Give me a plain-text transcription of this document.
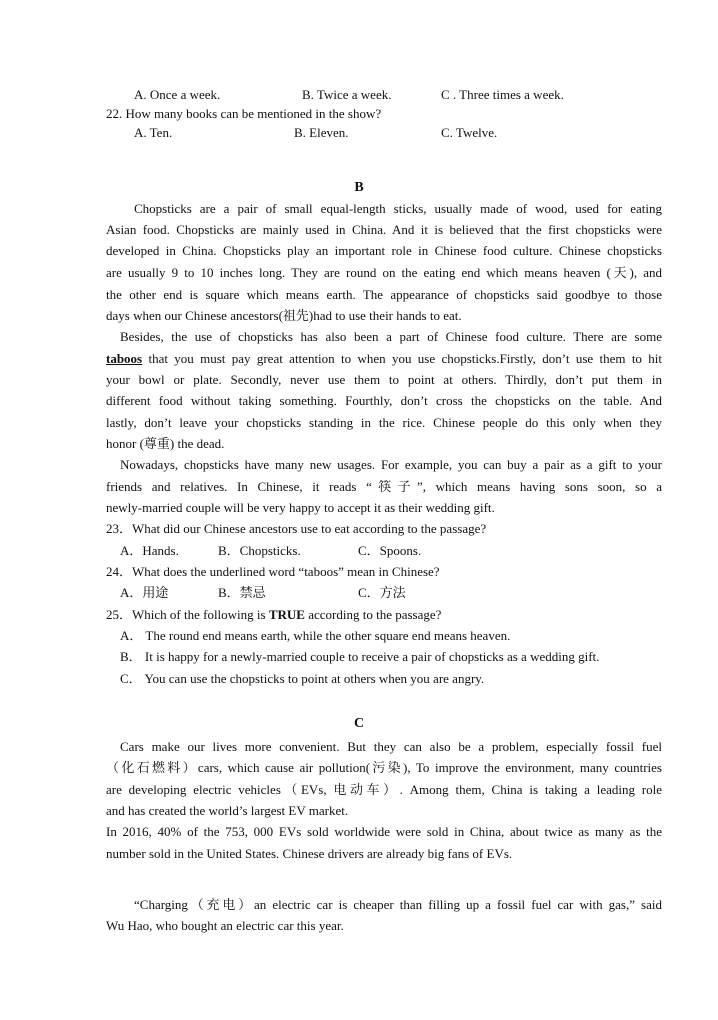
A. Once a week.	B. Twice a week.	C . Three times a week.
22. How many books can be mentioned in the show?
A. Ten.	B. Eleven.	C. Twelve.
B
Chopsticks are a pair of small equal-length sticks, usually made of wood, used for eating
Asian food. Chopsticks are mainly used in China. And it is believed that the first chopsticks were
developed in China. Chopsticks play an important role in Chinese food culture. Chinese chopsticks
are usually 9 to 10 inches long. They are round on the eating end which means heaven (天), and
the other end is square which means earth. The appearance of chopsticks said goodbye to those
days when our Chinese ancestors(祖先)had to use their hands to eat.
Besides, the use of chopsticks has also been a part of Chinese food culture. There are some
taboos that you must pay great attention to when you use chopsticks.Firstly, don’t use them to hit
your bowl or plate. Secondly, never use them to point at others. Thirdly, don’t put them in
different food without taking something. Fourthly, don’t cross the chopsticks on the table. And
lastly, don’t leave your chopsticks standing in the rice. Chinese people do this only when they
honor (尊重) the dead.
Nowadays, chopsticks have many new usages. For example, you can buy a pair as a gift to your
friends and relatives. In Chinese, it reads “筷子”, which means having sons soon, so a
newly-married couple will be very happy to accept it as their wedding gift.
23．What did our Chinese ancestors use to eat according to the passage?
A．Hands.	B．Chopsticks.	C．Spoons.
24．What does the underlined word “taboos” mean in Chinese?
A．用途	B．禁忌	C．方法
25．Which of the following is TRUE according to the passage?
A． The round end means earth, while the other square end means heaven.
B． It is happy for a newly-married couple to receive a pair of chopsticks as a wedding gift.
C． You can use the chopsticks to point at others when you are angry.
C
Cars make our lives more convenient. But they can also be a problem, especially fossil fuel
（化石燃料）cars, which cause air pollution(污染), To improve the environment, many countries
are developing electric vehicles（EVs, 电动车）. Among them, China is taking a leading role
and has created the world’s largest EV market.
In 2016, 40% of the 753, 000 EVs sold worldwide were sold in China, about twice as many as the
number sold in the United States. Chinese drivers are already big fans of EVs.
“Charging（充电）an electric car is cheaper than filling up a fossil fuel car with gas,” said
Wu Hao, who bought an electric car this year.
